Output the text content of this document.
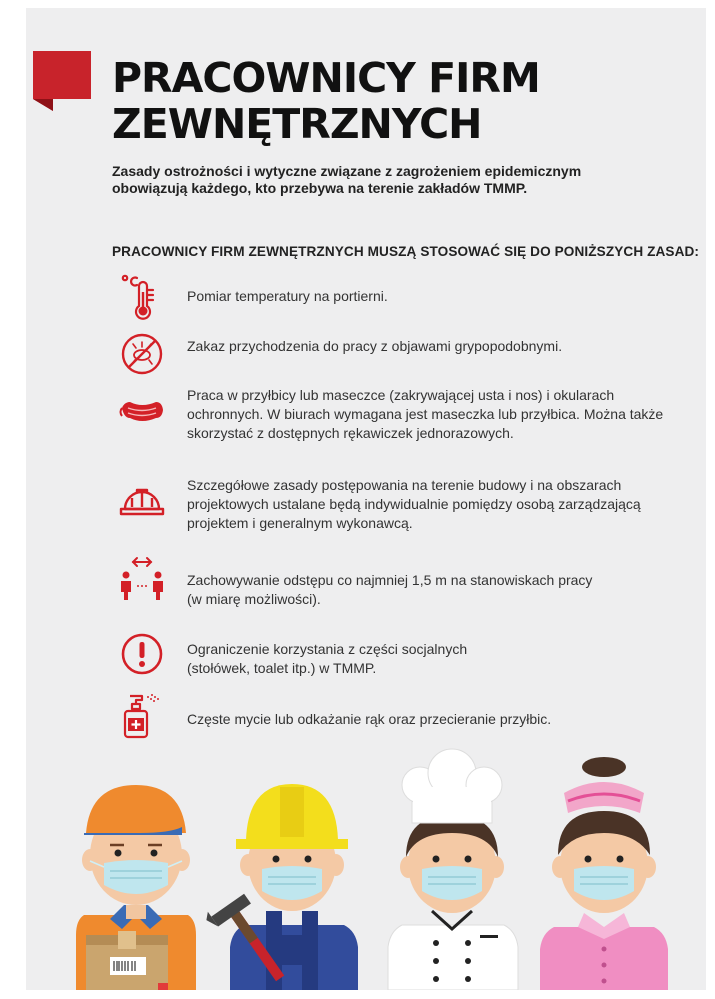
PRACOWNICY FIRM
ZEWNĘTRZNYCH

Zasady ostrożności i wytyczne związane z zagrożeniem epidemicznym
obowiązują każdego, kto przebywa na terenie zakładów TMMP.

PRACOWNICY FIRM ZEWNĘTRZNYCH MUSZĄ STOSOWAĆ SIĘ DO PONIŻSZYCH ZASAD:

Pomiar temperatury na portierni.

Zakaz przychodzenia do pracy z objawami grypopodobnymi.

Praca w przyłbicy lub maseczce (zakrywającej usta i nos) i okularach
ochronnych. W biurach wymagana jest maseczka lub przyłbica. Można także
skorzystać z dostępnych rękawiczek jednorazowych.

Szczegółowe zasady postępowania na terenie budowy i na obszarach
projektowych ustalane będą indywidualnie pomiędzy osobą zarządzającą
projektem i generalnym wykonawcą.

Zachowywanie odstępu co najmniej 1,5 m na stanowiskach pracy
(w miarę możliwości).

Ograniczenie korzystania z części socjalnych
(stołówek, toalet itp.) w TMMP.

Częste mycie lub odkażanie rąk oraz przecieranie przyłbic.
